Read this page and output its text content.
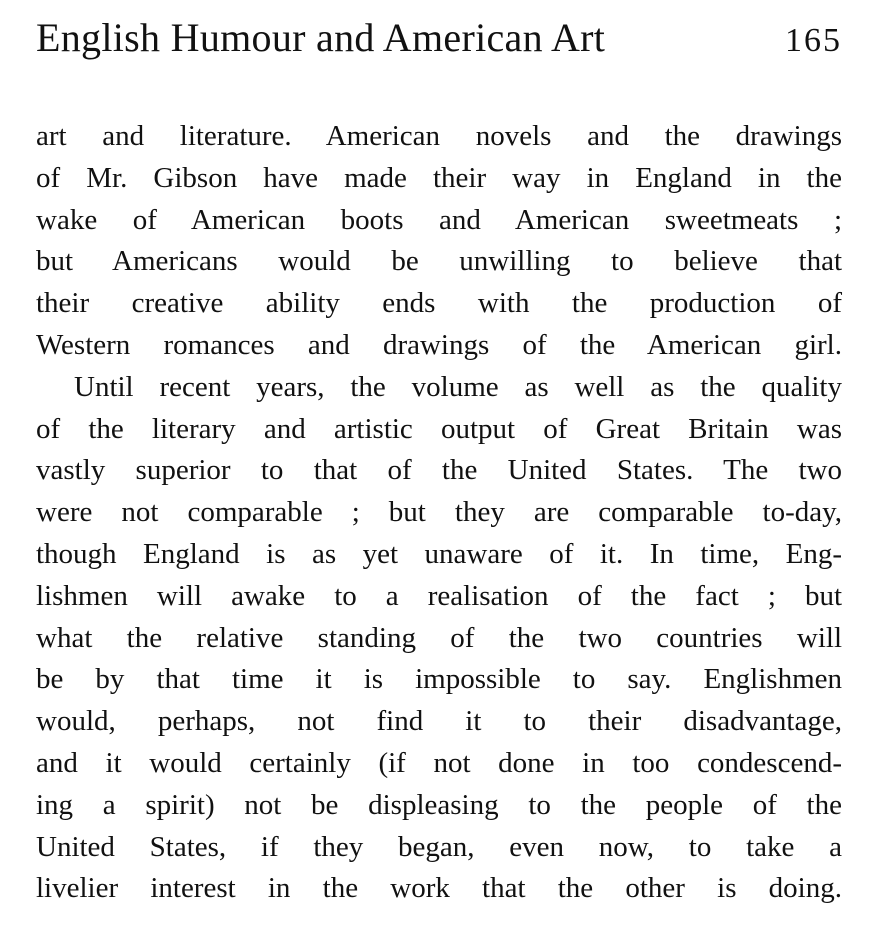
English Humour and American Art	165
art and literature. American novels and the drawings
of Mr. Gibson have made their way in England in the
wake of American boots and American sweetmeats ;
but Americans would be unwilling to believe that
their creative ability ends with the production of
Western romances and drawings of the American girl.
Until recent years, the volume as well as the quality
of the literary and artistic output of Great Britain was
vastly superior to that of the United States. The two
were not comparable ; but they are comparable to-day,
though England is as yet unaware of it. In time, Eng-
lishmen will awake to a realisation of the fact ; but
what the relative standing of the two countries will
be by that time it is impossible to say. Englishmen
would, perhaps, not find it to their disadvantage,
and it would certainly (if not done in too condescend-
ing a spirit) not be displeasing to the people of the
United States, if they began, even now, to take a
livelier interest in the work that the other is doing.
